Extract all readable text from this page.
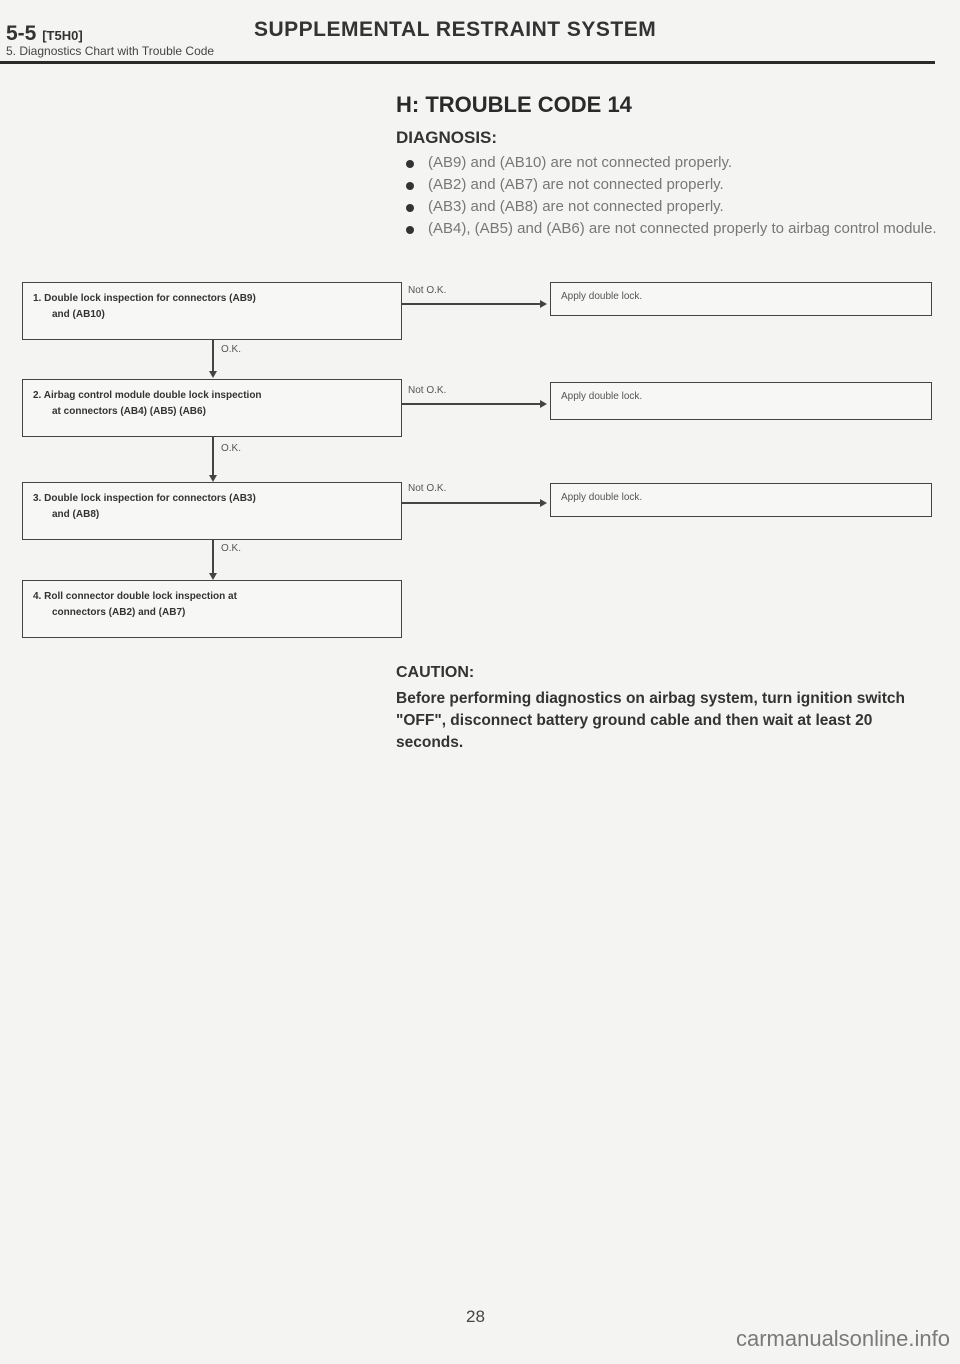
5-5 [T5H0]	SUPPLEMENTAL RESTRAINT SYSTEM
5. Diagnostics Chart with Trouble Code
H: TROUBLE CODE 14
DIAGNOSIS:
(AB9) and (AB10) are not connected properly.
(AB2) and (AB7) are not connected properly.
(AB3) and (AB8) are not connected properly.
(AB4), (AB5) and (AB6) are not connected properly to airbag control module.
1. Double lock inspection for connectors (AB9)
and (AB10)
2. Airbag control module double lock inspection
at connectors (AB4) (AB5) (AB6)
3. Double lock inspection for connectors (AB3)
and (AB8)
4. Roll connector double lock inspection at
connectors (AB2) and (AB7)
O.K.
O.K.
O.K.
Not O.K.
Not O.K.
Not O.K.
Apply double lock.
Apply double lock.
Apply double lock.
CAUTION:
Before performing diagnostics on airbag system, turn ignition switch "OFF", disconnect battery ground cable and then wait at least 20 seconds.
28
carmanualsonline.info
